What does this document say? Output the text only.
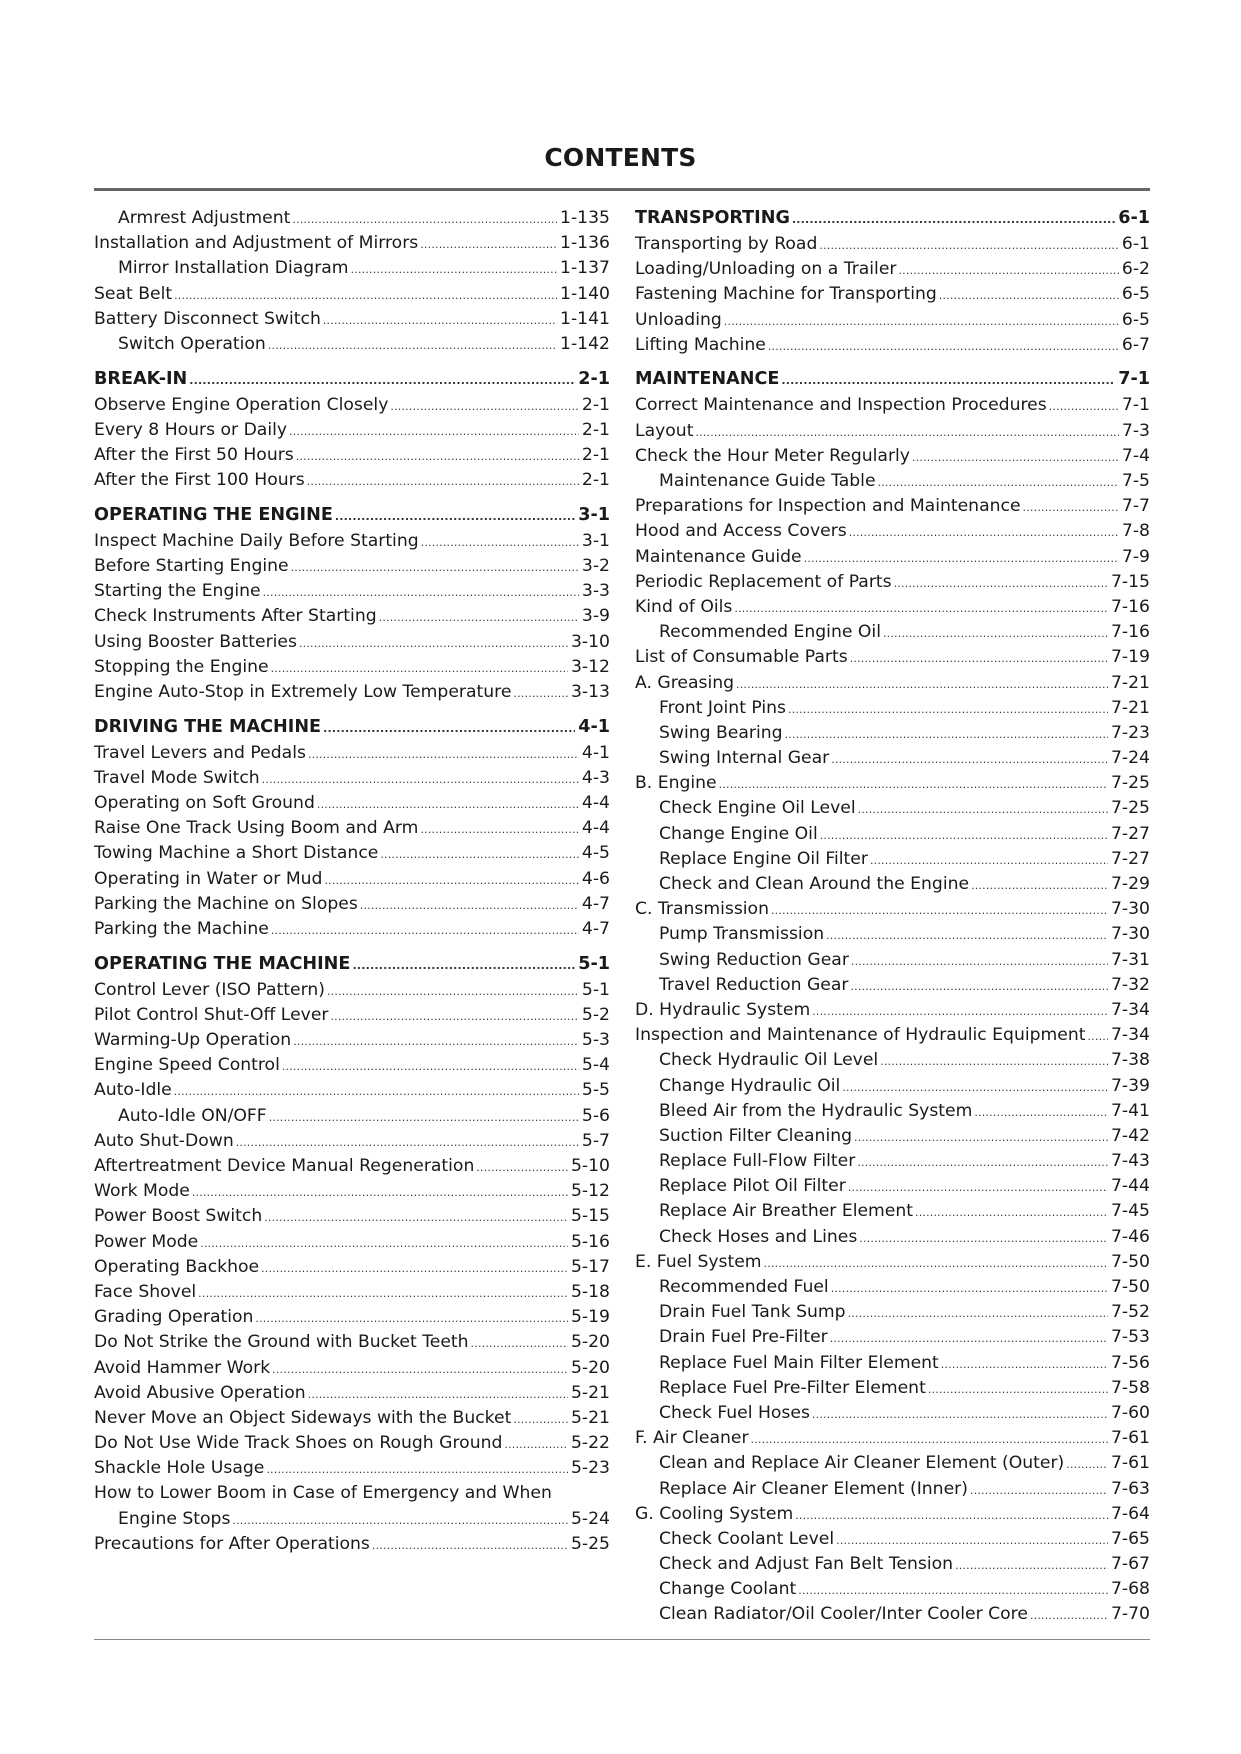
CONTENTS
Armrest Adjustment .....	1-135
Installation and Adjustment of Mirrors .....	1-136
Mirror Installation Diagram .....	1-137
Seat Belt .....	1-140
Battery Disconnect Switch .....	1-141
Switch Operation .....	1-142
BREAK-IN .....	2-1
Observe Engine Operation Closely .....	2-1
Every 8 Hours or Daily .....	2-1
After the First 50 Hours .....	2-1
After the First 100 Hours .....	2-1
OPERATING THE ENGINE .....	3-1
Inspect Machine Daily Before Starting .....	3-1
Before Starting Engine .....	3-2
Starting the Engine .....	3-3
Check Instruments After Starting .....	3-9
Using Booster Batteries .....	3-10
Stopping the Engine .....	3-12
Engine Auto-Stop in Extremely Low Temperature .....	3-13
DRIVING THE MACHINE .....	4-1
Travel Levers and Pedals .....	4-1
Travel Mode Switch .....	4-3
Operating on Soft Ground .....	4-4
Raise One Track Using Boom and Arm .....	4-4
Towing Machine a Short Distance .....	4-5
Operating in Water or Mud .....	4-6
Parking the Machine on Slopes .....	4-7
Parking the Machine .....	4-7
OPERATING THE MACHINE .....	5-1
Control Lever (ISO Pattern) .....	5-1
Pilot Control Shut-Off Lever .....	5-2
Warming-Up Operation .....	5-3
Engine Speed Control .....	5-4
Auto-Idle .....	5-5
Auto-Idle ON/OFF .....	5-6
Auto Shut-Down .....	5-7
Aftertreatment Device Manual Regeneration .....	5-10
Work Mode .....	5-12
Power Boost Switch .....	5-15
Power Mode .....	5-16
Operating Backhoe .....	5-17
Face Shovel .....	5-18
Grading Operation .....	5-19
Do Not Strike the Ground with Bucket Teeth .....	5-20
Avoid Hammer Work .....	5-20
Avoid Abusive Operation .....	5-21
Never Move an Object Sideways with the Bucket .....	5-21
Do Not Use Wide Track Shoes on Rough Ground .....	5-22
Shackle Hole Usage .....	5-23
How to Lower Boom in Case of Emergency and When
Engine Stops .....	5-24
Precautions for After Operations .....	5-25
TRANSPORTING .....	6-1
Transporting by Road .....	6-1
Loading/Unloading on a Trailer .....	6-2
Fastening Machine for Transporting .....	6-5
Unloading .....	6-5
Lifting Machine .....	6-7
MAINTENANCE .....	7-1
Correct Maintenance and Inspection Procedures .....	7-1
Layout .....	7-3
Check the Hour Meter Regularly .....	7-4
Maintenance Guide Table .....	7-5
Preparations for Inspection and Maintenance .....	7-7
Hood and Access Covers .....	7-8
Maintenance Guide .....	7-9
Periodic Replacement of Parts .....	7-15
Kind of Oils .....	7-16
Recommended Engine Oil .....	7-16
List of Consumable Parts .....	7-19
A. Greasing .....	7-21
Front Joint Pins .....	7-21
Swing Bearing .....	7-23
Swing Internal Gear .....	7-24
B. Engine .....	7-25
Check Engine Oil Level .....	7-25
Change Engine Oil .....	7-27
Replace Engine Oil Filter .....	7-27
Check and Clean Around the Engine .....	7-29
C. Transmission .....	7-30
Pump Transmission .....	7-30
Swing Reduction Gear .....	7-31
Travel Reduction Gear .....	7-32
D. Hydraulic System .....	7-34
Inspection and Maintenance of Hydraulic Equipment ..... 7-34
Check Hydraulic Oil Level .....	7-38
Change Hydraulic Oil .....	7-39
Bleed Air from the Hydraulic System .....	7-41
Suction Filter Cleaning .....	7-42
Replace Full-Flow Filter .....	7-43
Replace Pilot Oil Filter .....	7-44
Replace Air Breather Element .....	7-45
Check Hoses and Lines .....	7-46
E. Fuel System .....	7-50
Recommended Fuel .....	7-50
Drain Fuel Tank Sump .....	7-52
Drain Fuel Pre-Filter .....	7-53
Replace Fuel Main Filter Element .....	7-56
Replace Fuel Pre-Filter Element .....	7-58
Check Fuel Hoses .....	7-60
F. Air Cleaner .....	7-61
Clean and Replace Air Cleaner Element (Outer) .....	7-61
Replace Air Cleaner Element (Inner) .....	7-63
G. Cooling System .....	7-64
Check Coolant Level .....	7-65
Check and Adjust Fan Belt Tension .....	7-67
Change Coolant .....	7-68
Clean Radiator/Oil Cooler/Inter Cooler Core .....	7-70
